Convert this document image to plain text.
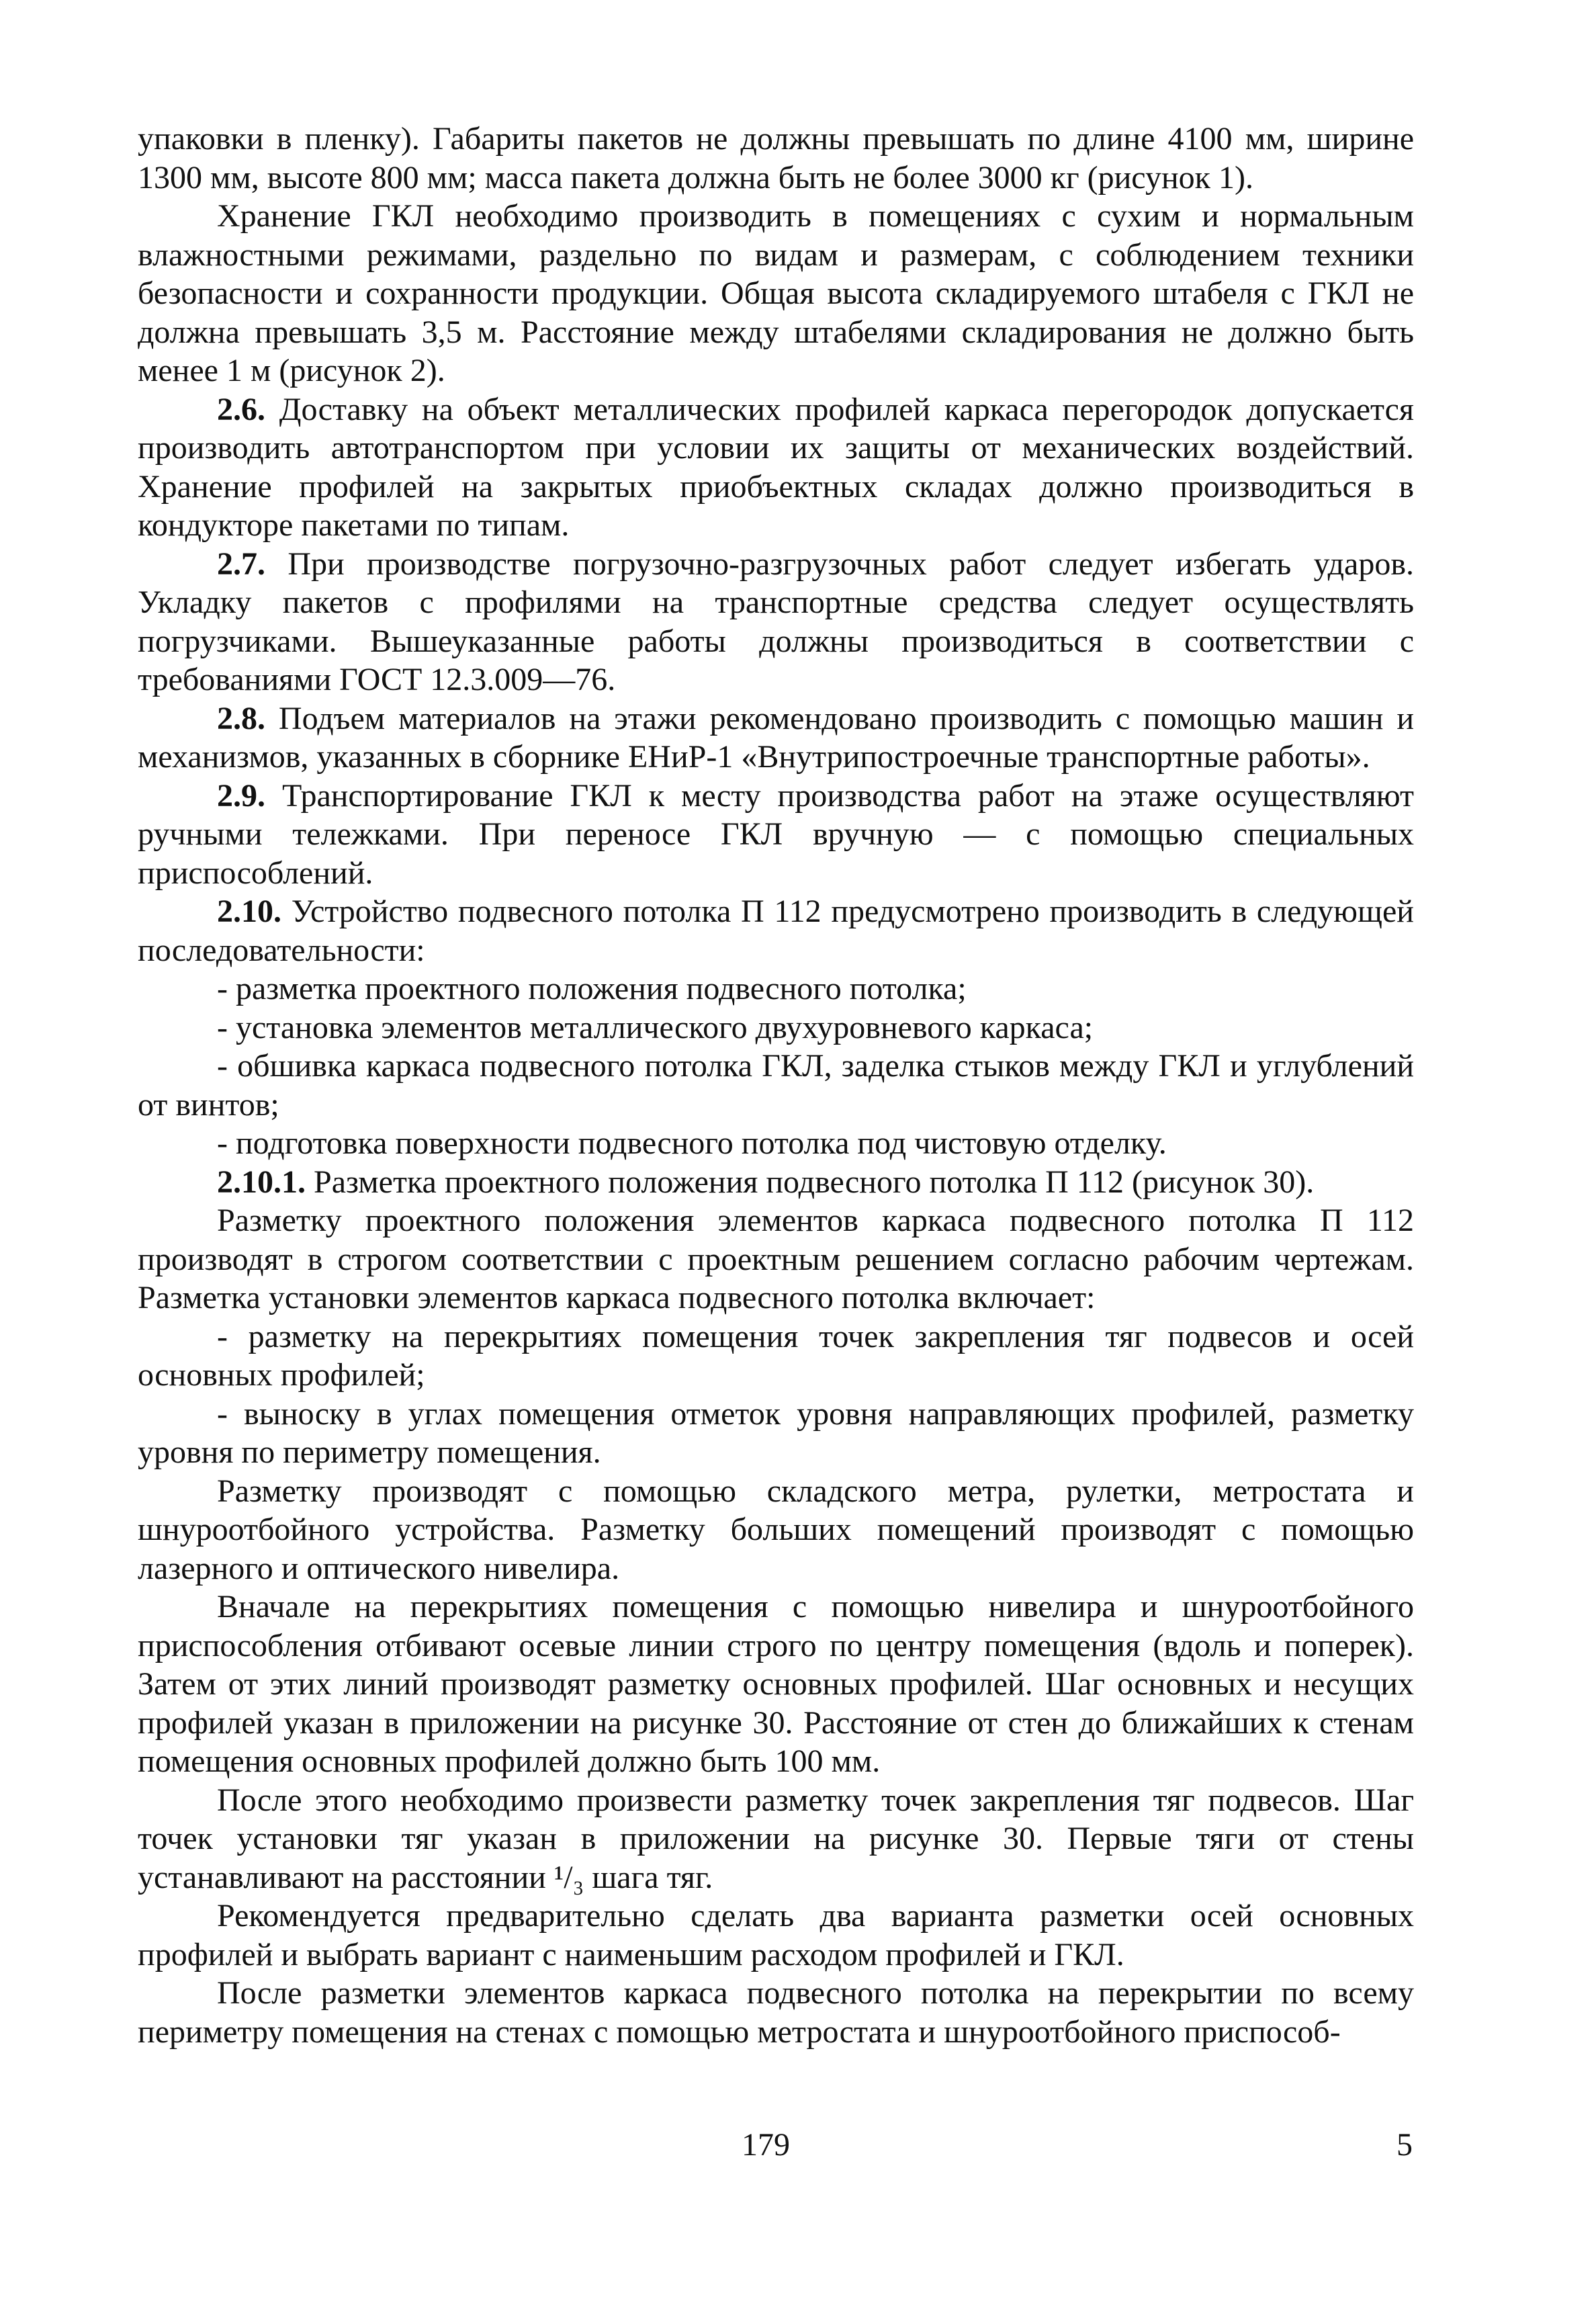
упаковки в пленку). Габариты пакетов не должны превышать по длине 4100 мм, ширине 1300 мм, высоте 800 мм; масса пакета должна быть не более 3000 кг (рисунок 1).

Хранение ГКЛ необходимо производить в помещениях с сухим и нормальным влажностными режимами, раздельно по видам и размерам, с соблюдением техники безопасности и сохранности продукции. Общая высота складируемого штабеля с ГКЛ не должна превышать 3,5 м. Расстояние между штабелями складирования не должно быть менее 1 м (рисунок 2).

2.6. Доставку на объект металлических профилей каркаса перегородок допускается производить автотранспортом при условии их защиты от механических воздействий. Хранение профилей на закрытых приобъектных складах должно производиться в кондукторе пакетами по типам.

2.7. При производстве погрузочно-разгрузочных работ следует избегать ударов. Укладку пакетов с профилями на транспортные средства следует осуществлять погрузчиками. Вышеуказанные работы должны производиться в соответствии с требованиями ГОСТ 12.3.009—76.

2.8. Подъем материалов на этажи рекомендовано производить с помощью машин и механизмов, указанных в сборнике ЕНиР-1 «Внутрипостроечные транспортные работы».

2.9. Транспортирование ГКЛ к месту производства работ на этаже осуществляют ручными тележками. При переносе ГКЛ вручную — с помощью специальных приспособлений.

2.10. Устройство подвесного потолка П 112 предусмотрено производить в следующей последовательности:

- разметка проектного положения подвесного потолка;

- установка элементов металлического двухуровневого каркаса;

- обшивка каркаса подвесного потолка ГКЛ, заделка стыков между ГКЛ и углублений от винтов;

- подготовка поверхности подвесного потолка под чистовую отделку.

2.10.1. Разметка проектного положения подвесного потолка П 112 (рисунок 30).

Разметку проектного положения элементов каркаса подвесного потолка П 112 производят в строгом соответствии с проектным решением согласно рабочим чертежам. Разметка установки элементов каркаса подвесного потолка включает:

- разметку на перекрытиях помещения точек закрепления тяг подвесов и осей основных профилей;

- выноску в углах помещения отметок уровня направляющих профилей, разметку уровня по периметру помещения.

Разметку производят с помощью складского метра, рулетки, метростата и шнуроотбойного устройства. Разметку больших помещений производят с помощью лазерного и оптического нивелира.

Вначале на перекрытиях помещения с помощью нивелира и шнуроотбойного приспособления отбивают осевые линии строго по центру помещения (вдоль и поперек). Затем от этих линий производят разметку основных профилей. Шаг основных и несущих профилей указан в приложении на рисунке 30. Расстояние от стен до ближайших к стенам помещения основных профилей должно быть 100 мм.

После этого необходимо произвести разметку точек закрепления тяг подвесов. Шаг точек установки тяг указан в приложении на рисунке 30. Первые тяги от стены устанавливают на расстоянии ¹/₃ шага тяг.

Рекомендуется предварительно сделать два варианта разметки осей основных профилей и выбрать вариант с наименьшим расходом профилей и ГКЛ.

После разметки элементов каркаса подвесного потолка на перекрытии по всему периметру помещения на стенах с помощью метростата и шнуроотбойного приспособ-

179	5
